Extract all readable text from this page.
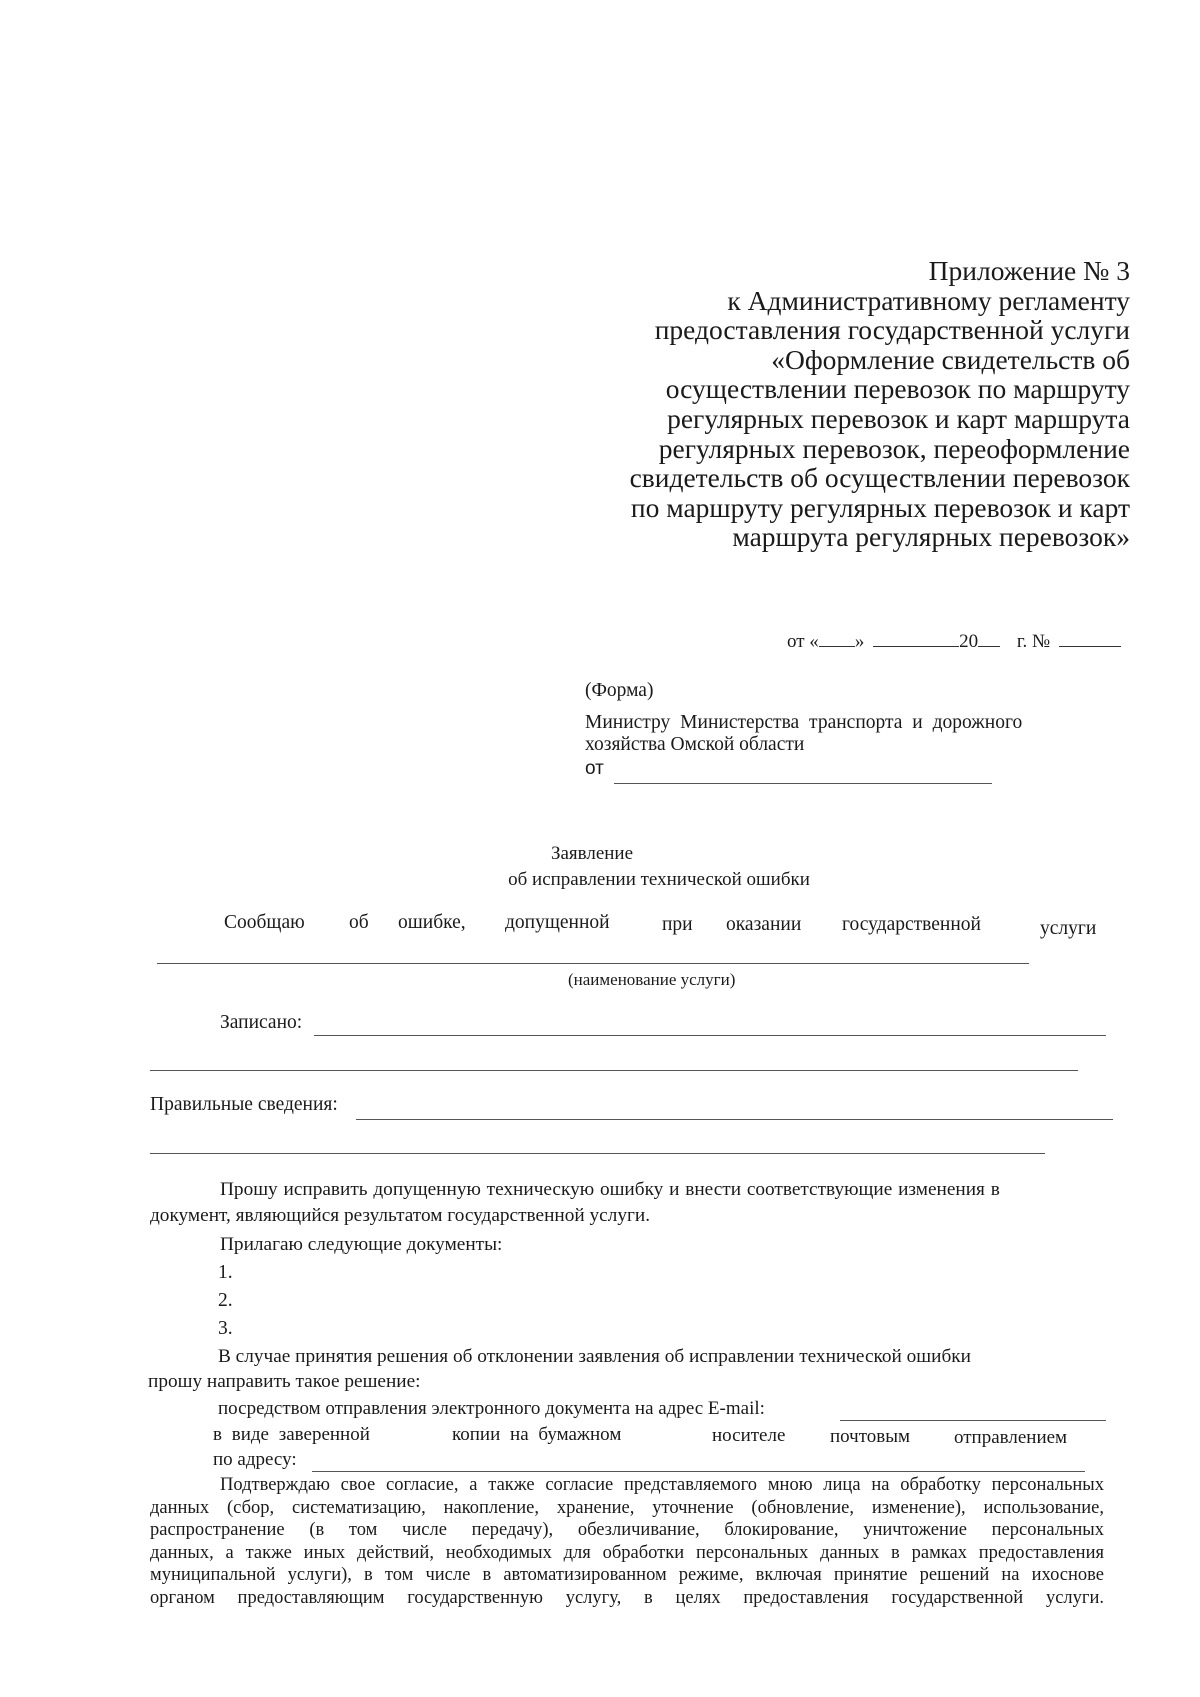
Приложение № 3
к Административному регламенту
предоставления государственной услуги
«Оформление свидетельств об
осуществлении перевозок по маршруту
регулярных перевозок и карт маршрута
регулярных перевозок, переоформление
свидетельств об осуществлении перевозок
по маршруту регулярных перевозок и карт
маршрута регулярных перевозок»
от « »	20 г. №
(Форма)
Министру Министерства транспорта и дорожного
хозяйства Омской области
от
Заявление
об исправлении технической ошибки
Сообщаю об ошибке, допущенной	при оказании государственной	услуги
(наименование услуги)
Записано:
Правильные сведения:
Прошу исправить допущенную техническую ошибку и внести соответствующие изменения в
документ, являющийся результатом государственной услуги.
Прилагаю следующие документы:
1.
2.
3.
В случае принятия решения об отклонении заявления об исправлении технической ошибки
прошу направить такое решение:
посредством отправления электронного документа на адрес E-mail:
в виде заверенной	копии на бумажном	носителе почтовым отправлением
по адресу:
Подтверждаю свое согласие, а также согласие представляемого мною лица на обработку персональных
данных (сбор, систематизацию, накопление, хранение, уточнение (обновление, изменение), использование,
распространение (в том числе передачу), обезличивание, блокирование, уничтожение персональных
данных, а также иных действий, необходимых для обработки персональных данных в рамках предоставления
муниципальной услуги), в том числе в автоматизированном режиме, включая принятие решений на ихоснове
органом предоставляющим государственную услугу, в целях предоставления государственной услуги.
